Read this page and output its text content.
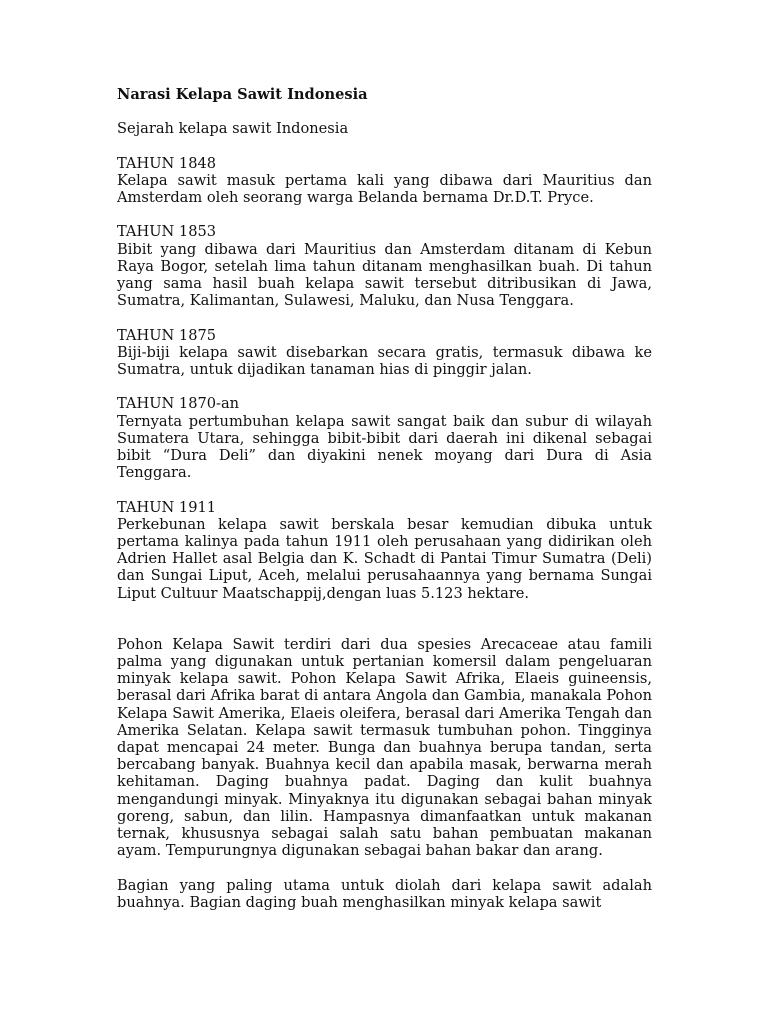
Narasi Kelapa Sawit Indonesia

Sejarah kelapa sawit Indonesia

TAHUN 1848

Kelapa sawit masuk pertama kali yang dibawa dari Mauritius dan Amsterdam oleh seorang warga Belanda bernama Dr.D.T. Pryce.

TAHUN 1853

Bibit yang dibawa dari Mauritius dan Amsterdam ditanam di Kebun Raya Bogor, setelah lima tahun ditanam menghasilkan buah. Di tahun yang sama hasil buah kelapa sawit tersebut ditribusikan di Jawa, Sumatra, Kalimantan, Sulawesi, Maluku, dan Nusa Tenggara.

TAHUN 1875

Biji-biji kelapa sawit disebarkan secara gratis, termasuk dibawa ke Sumatra, untuk dijadikan tanaman hias di pinggir jalan.

TAHUN 1870-an

Ternyata pertumbuhan kelapa sawit sangat baik dan subur di wilayah Sumatera Utara, sehingga bibit-bibit dari daerah ini dikenal sebagai bibit “Dura Deli” dan diyakini nenek moyang dari Dura di Asia Tenggara.

TAHUN 1911

Perkebunan kelapa sawit berskala besar kemudian dibuka untuk pertama kalinya pada tahun 1911 oleh perusahaan yang didirikan oleh Adrien Hallet asal Belgia dan K. Schadt di Pantai Timur Sumatra (Deli) dan Sungai Liput, Aceh, melalui perusahaannya yang bernama Sungai Liput Cultuur Maatschappij,dengan luas 5.123 hektare.

Pohon Kelapa Sawit terdiri dari dua spesies Arecaceae atau famili palma yang digunakan untuk pertanian komersil dalam pengeluaran minyak kelapa sawit. Pohon Kelapa Sawit Afrika, Elaeis guineensis, berasal dari Afrika barat di antara Angola dan Gambia, manakala Pohon Kelapa Sawit Amerika, Elaeis oleifera, berasal dari Amerika Tengah dan Amerika Selatan. Kelapa sawit termasuk tumbuhan pohon. Tingginya dapat mencapai 24 meter. Bunga dan buahnya berupa tandan, serta bercabang banyak. Buahnya kecil dan apabila masak, berwarna merah kehitaman. Daging buahnya padat. Daging dan kulit buahnya mengandungi minyak. Minyaknya itu digunakan sebagai bahan minyak goreng, sabun, dan lilin. Hampasnya dimanfaatkan untuk makanan ternak, khususnya sebagai salah satu bahan pembuatan makanan ayam. Tempurungnya digunakan sebagai bahan bakar dan arang.

Bagian yang paling utama untuk diolah dari kelapa sawit adalah buahnya. Bagian daging buah menghasilkan minyak kelapa sawit
